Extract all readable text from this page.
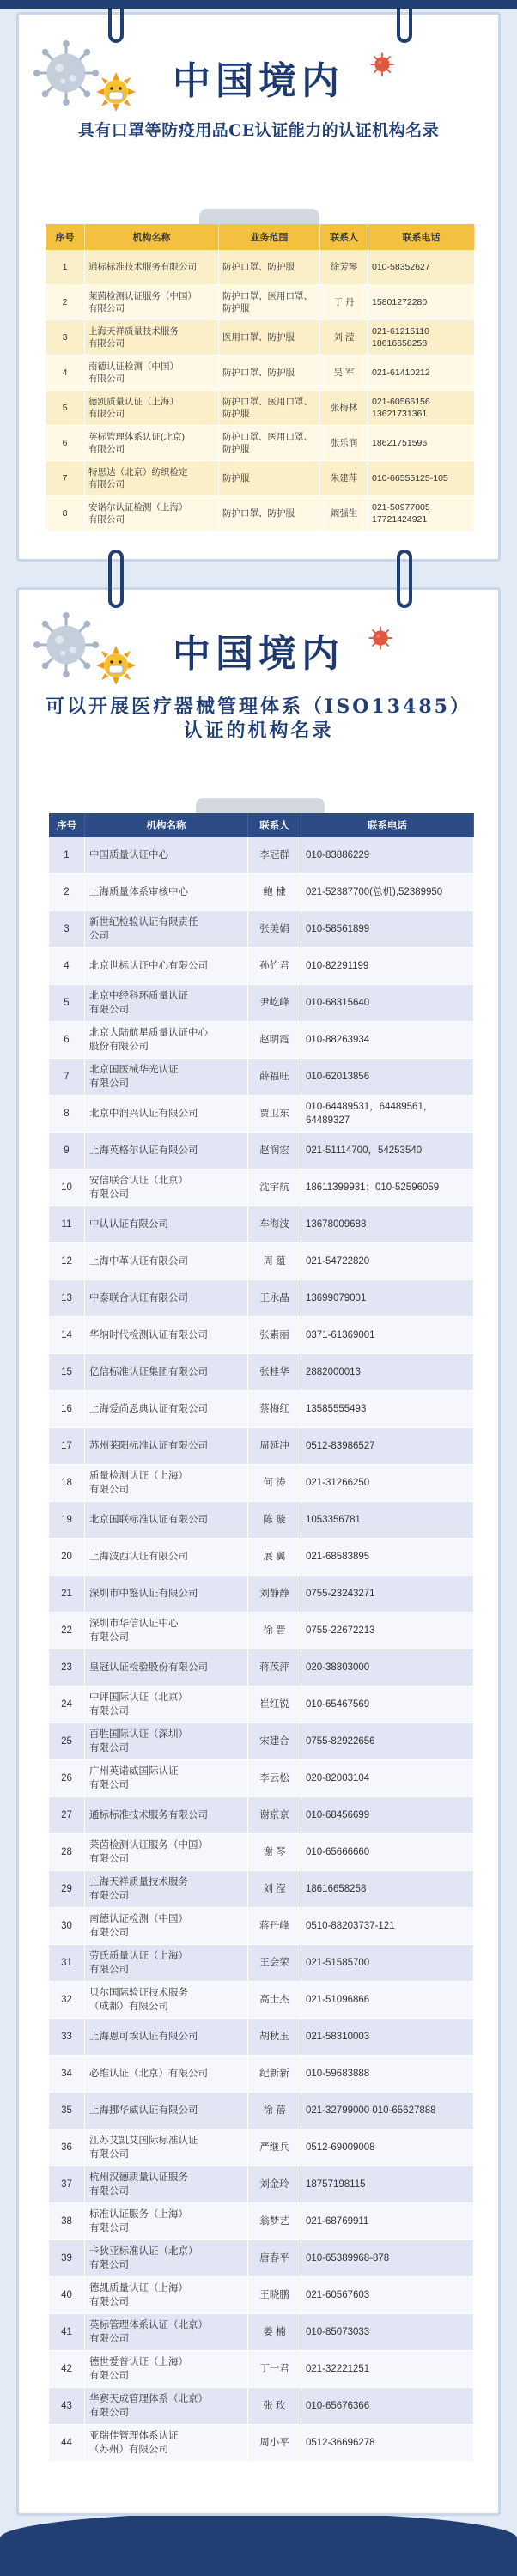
中国境内
具有口罩等防疫用品CE认证能力的认证机构名录
序号	机构名称	业务范围	联系人	联系电话
1	通标标准技术服务有限公司	防护口罩、防护服	徐芳琴	010-58352627
2	莱茵检测认证服务（中国）
有限公司	防护口罩、医用口罩、
防护服	于 丹	15801272280
3	上海天祥质量技术服务
有限公司	医用口罩、防护服	刘 滢	021-61215110
18616658258
4	南德认证检测（中国）
有限公司	防护口罩、防护服	吴 军	021-61410212
5	德凯质量认证（上海）
有限公司	防护口罩、医用口罩、
防护服	张梅林	021-60566156
13621731361
6	英标管理体系认证(北京)
有限公司	防护口罩、医用口罩、
防护服	张乐润	18621751596
7	特思达（北京）纺织检定
有限公司	防护服	朱建萍	010-66555125-105
8	安诺尔认证检测（上海）
有限公司	防护口罩、防护服	阚强生	021-50977005
17721424921
中国境内
可以开展医疗器械管理体系（ISO13485）
认证的机构名录
序号	机构名称	联系人	联系电话
1	中国质量认证中心	李冠群	010-83886229
2	上海质量体系审核中心	鲍 棣	021-52387700(总机),52389950
3	新世纪检验认证有限责任
公司	张美娟	010-58561899
4	北京世标认证中心有限公司	孙竹君	010-82291199
5	北京中经科环质量认证
有限公司	尹屹峰	010-68315640
6	北京大陆航星质量认证中心
股份有限公司	赵明霞	010-88263934
7	北京国医械华光认证
有限公司	薛福旺	010-62013856
8	北京中润兴认证有限公司	贾卫东	010-64489531，64489561，
64489327
9	上海英格尔认证有限公司	赵润宏	021-51114700，54253540
10	安信联合认证（北京）
有限公司	沈宇航	18611399931；010-52596059
11	中认认证有限公司	车海波	13678009688
12	上海中革认证有限公司	周 蕴	021-54722820
13	中泰联合认证有限公司	王永晶	13699079001
14	华纳时代检测认证有限公司	张素丽	0371-61369001
15	亿信标准认证集团有限公司	张桂华	2882000013
16	上海爱尚恩典认证有限公司	蔡梅红	13585555493
17	苏州莱阳标准认证有限公司	周延冲	0512-83986527
18	质量检测认证（上海）
有限公司	何 涛	021-31266250
19	北京国联标准认证有限公司	陈 璇	1053356781
20	上海波西认证有限公司	展 翼	021-68583895
21	深圳市中鉴认证有限公司	刘静静	0755-23243271
22	深圳市华信认证中心
有限公司	徐 晋	0755-22672213
23	皇冠认证检验股份有限公司	蒋茂萍	020-38803000
24	中评国际认证（北京）
有限公司	崔红锐	010-65467569
25	百胜国际认证（深圳）
有限公司	宋建合	0755-82922656
26	广州英诺威国际认证
有限公司	李云松	020-82003104
27	通标标准技术服务有限公司	谢京京	010-68456699
28	莱茵检测认证服务（中国）
有限公司	谢 琴	010-65666660
29	上海天祥质量技术服务
有限公司	刘 滢	18616658258
30	南德认证检测（中国）
有限公司	蒋丹峰	0510-88203737-121
31	劳氏质量认证（上海）
有限公司	王会荣	021-51585700
32	贝尔国际验证技术服务
（成都）有限公司	高士杰	021-51096866
33	上海恩可埃认证有限公司	胡秋玉	021-58310003
34	必维认证（北京）有限公司	纪新新	010-59683888
35	上海挪华威认证有限公司	徐 蓓	021-32799000 010-65627888
36	江苏艾凯艾国际标准认证
有限公司	严继兵	0512-69009008
37	杭州汉德质量认证服务
有限公司	刘金玲	18757198115
38	标准认证服务（上海）
有限公司	翁梦艺	021-68769911
39	卡狄亚标准认证（北京）
有限公司	唐春平	010-65389968-878
40	德凯质量认证（上海）
有限公司	王晓鹏	021-60567603
41	英标管理体系认证（北京）
有限公司	姜 楠	010-85073033
42	德世爱普认证（上海）
有限公司	丁一君	021-32221251
43	华赛天成管理体系（北京）
有限公司	张 玫	010-65676366
44	亚瑞佳管理体系认证
（苏州）有限公司	周小平	0512-36696278
